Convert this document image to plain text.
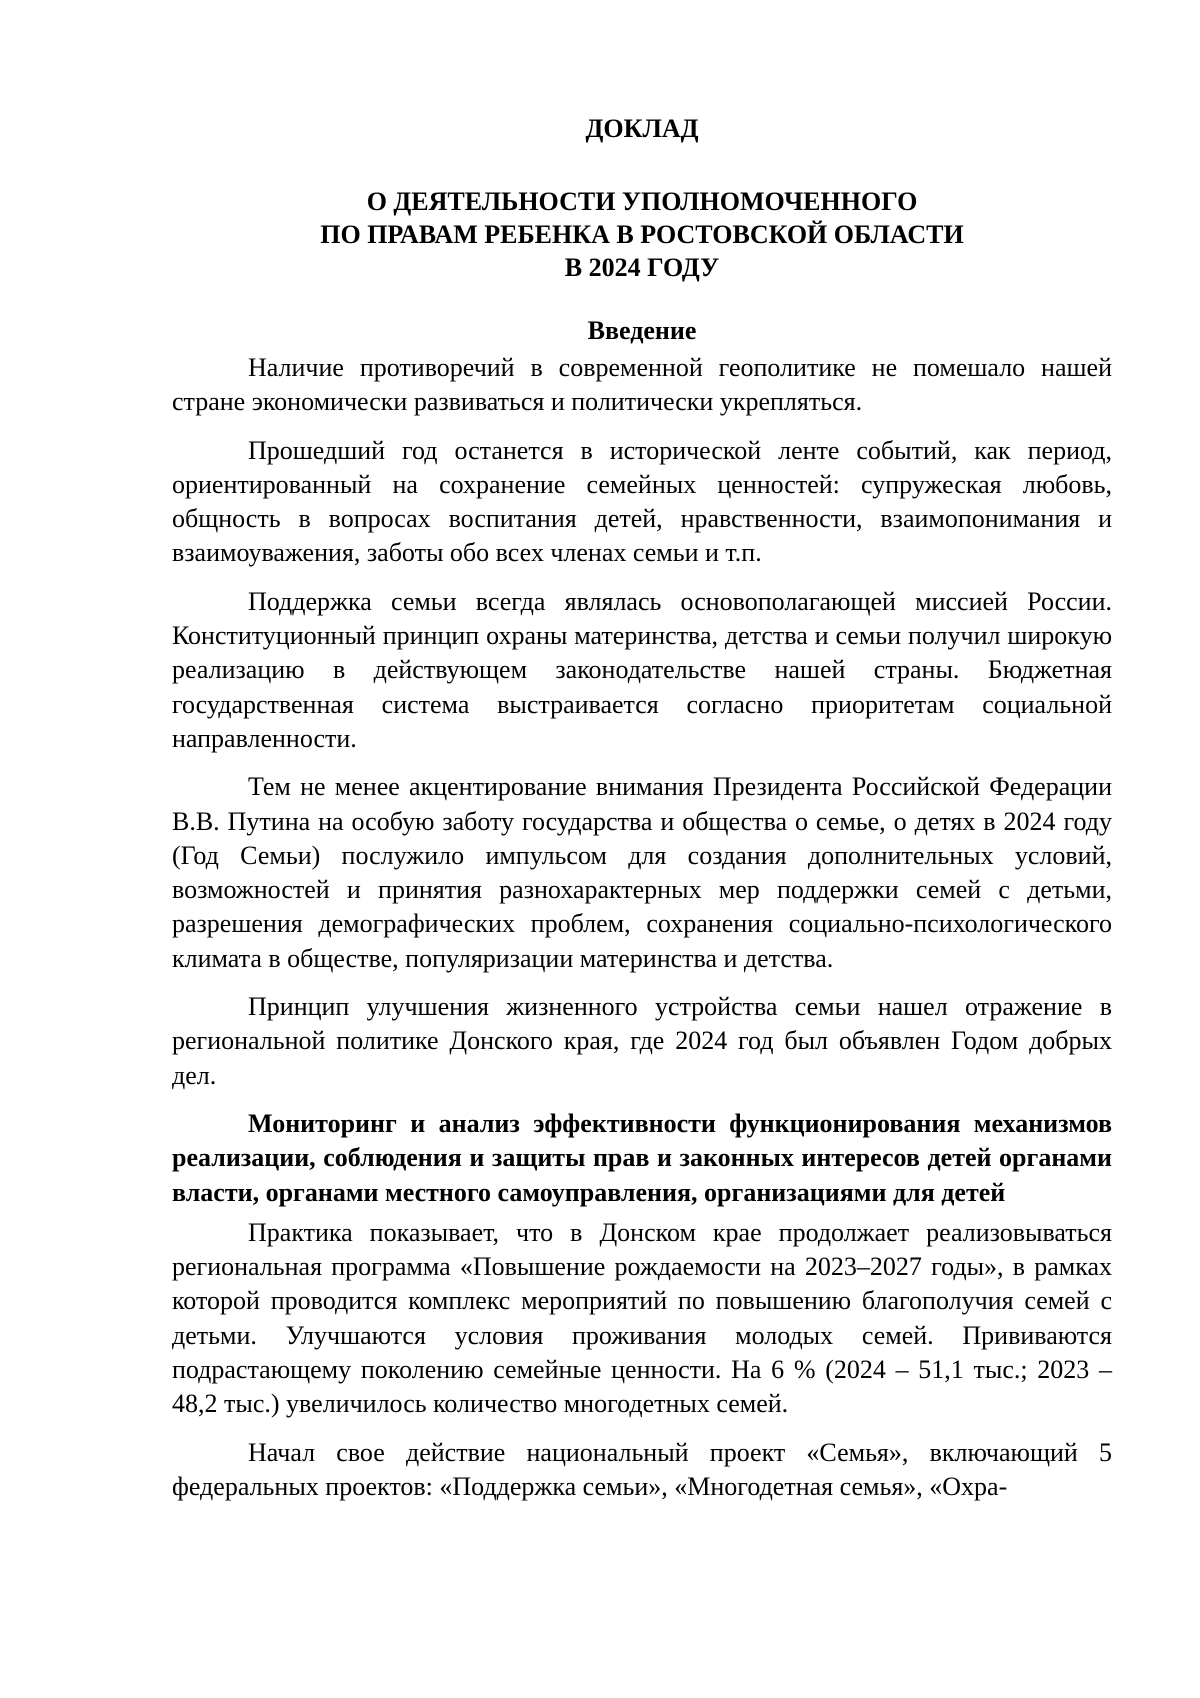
ДОКЛАД
О ДЕЯТЕЛЬНОСТИ УПОЛНОМОЧЕННОГО
ПО ПРАВАМ РЕБЕНКА В РОСТОВСКОЙ ОБЛАСТИ
В 2024 ГОДУ
Введение

Наличие противоречий в современной геополитике не помешало нашей стране экономически развиваться и политически укрепляться.

Прошедший год останется в исторической ленте событий, как период, ориентированный на сохранение семейных ценностей: супружеская любовь, общность в вопросах воспитания детей, нравственности, взаимопонимания и взаимоуважения, заботы обо всех членах семьи и т.п.

Поддержка семьи всегда являлась основополагающей миссией России. Конституционный принцип охраны материнства, детства и семьи получил широкую реализацию в действующем законодательстве нашей страны. Бюджетная государственная система выстраивается согласно приоритетам социальной направленности.

Тем не менее акцентирование внимания Президента Российской Федерации В.В. Путина на особую заботу государства и общества о семье, о детях в 2024 году (Год Семьи) послужило импульсом для создания дополнительных условий, возможностей и принятия разнохарактерных мер поддержки семей с детьми, разрешения демографических проблем, сохранения социально-психологического климата в обществе, популяризации материнства и детства.

Принцип улучшения жизненного устройства семьи нашел отражение в региональной политике Донского края, где 2024 год был объявлен Годом добрых дел.

Мониторинг и анализ эффективности функционирования механизмов реализации, соблюдения и защиты прав и законных интересов детей органами власти, органами местного самоуправления, организациями для детей

Практика показывает, что в Донском крае продолжает реализовываться региональная программа «Повышение рождаемости на 2023–2027 годы», в рамках которой проводится комплекс мероприятий по повышению благополучия семей с детьми. Улучшаются условия проживания молодых семей. Прививаются подрастающему поколению семейные ценности. На 6 % (2024 – 51,1 тыс.; 2023 – 48,2 тыс.) увеличилось количество многодетных семей.

Начал свое действие национальный проект «Семья», включающий 5 федеральных проектов: «Поддержка семьи», «Многодетная семья», «Охра-
